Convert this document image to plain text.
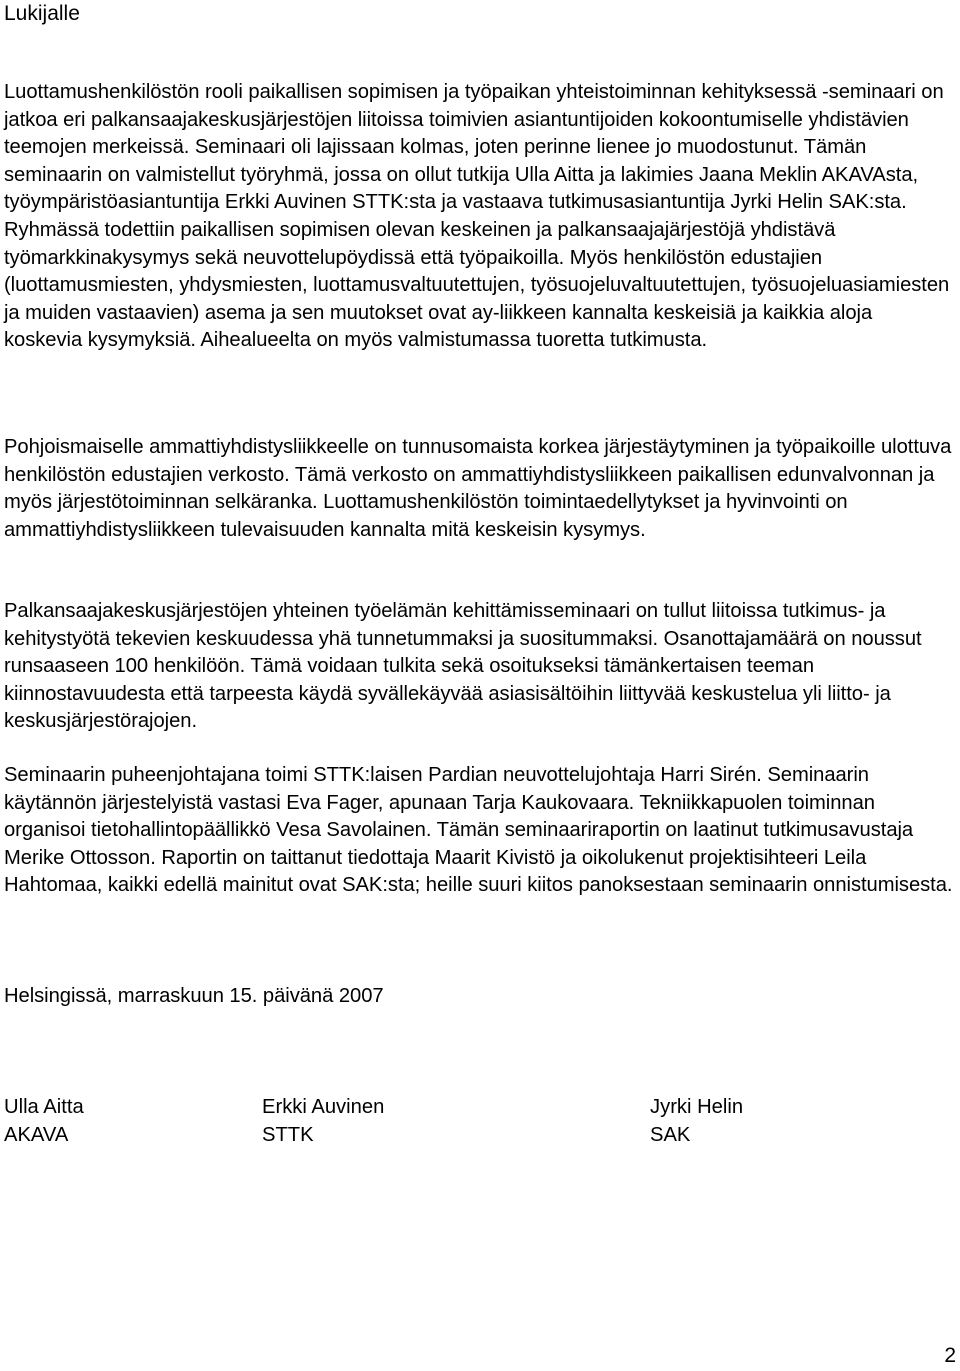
Lukijalle

Luottamushenkilöstön rooli paikallisen sopimisen ja työpaikan yhteistoiminnan kehityksessä -seminaari on jatkoa eri palkansaajakeskusjärjestöjen liitoissa toimivien asiantuntijoiden kokoontumiselle yhdistävien teemojen merkeissä. Seminaari oli lajissaan kolmas, joten perinne lienee jo muodostunut. Tämän seminaarin on valmistellut työryhmä, jossa on ollut tutkija Ulla Aitta ja lakimies Jaana Meklin AKAVAsta, työympäristöasiantuntija Erkki Auvinen STTK:sta ja vastaava tutkimusasiantuntija Jyrki Helin SAK:sta. Ryhmässä todettiin paikallisen sopimisen olevan keskeinen ja palkansaajajärjestöjä yhdistävä työmarkkinakysymys sekä neuvottelupöydissä että työpaikoilla. Myös henkilöstön edustajien (luottamusmiesten, yhdysmiesten, luottamusvaltuutettujen, työsuojeluvaltuutettujen, työsuojeluasiamiesten ja muiden vastaavien) asema ja sen muutokset ovat ay-liikkeen kannalta keskeisiä ja kaikkia aloja koskevia kysymyksiä. Aihealueelta on myös valmistumassa tuoretta tutkimusta.

Pohjoismaiselle ammattiyhdistysliikkeelle on tunnusomaista korkea järjestäytyminen ja työpaikoille ulottuva henkilöstön edustajien verkosto. Tämä verkosto on ammattiyhdistysliikkeen paikallisen edunvalvonnan ja myös järjestötoiminnan selkäranka. Luottamushenkilöstön toimintaedellytykset ja hyvinvointi on ammattiyhdistysliikkeen tulevaisuuden kannalta mitä keskeisin kysymys.

Palkansaajakeskusjärjestöjen yhteinen työelämän kehittämisseminaari on tullut liitoissa tutkimus- ja kehitystyötä tekevien keskuudessa yhä tunnetummaksi ja suositummaksi. Osanottajamäärä on noussut runsaaseen 100 henkilöön. Tämä voidaan tulkita sekä osoitukseksi tämänkertaisen teeman kiinnostavuudesta että tarpeesta käydä syvällekäyvää asiasisältöihin liittyvää keskustelua yli liitto- ja keskusjärjestörajojen.

Seminaarin puheenjohtajana toimi STTK:laisen Pardian neuvottelujohtaja Harri Sirén. Seminaarin käytännön järjestelyistä vastasi Eva Fager, apunaan Tarja Kaukovaara. Tekniikkapuolen toiminnan organisoi tietohallintopäällikkö Vesa Savolainen. Tämän seminaariraportin on laatinut tutkimusavustaja Merike Ottosson. Raportin on taittanut tiedottaja Maarit Kivistö ja oikolukenut projektisihteeri Leila Hahtomaa, kaikki edellä mainitut ovat SAK:sta; heille suuri kiitos panoksestaan seminaarin onnistumisesta.

Helsingissä, marraskuun 15. päivänä 2007

Ulla Aitta
AKAVA
Erkki Auvinen
STTK
Jyrki Helin
SAK
2
